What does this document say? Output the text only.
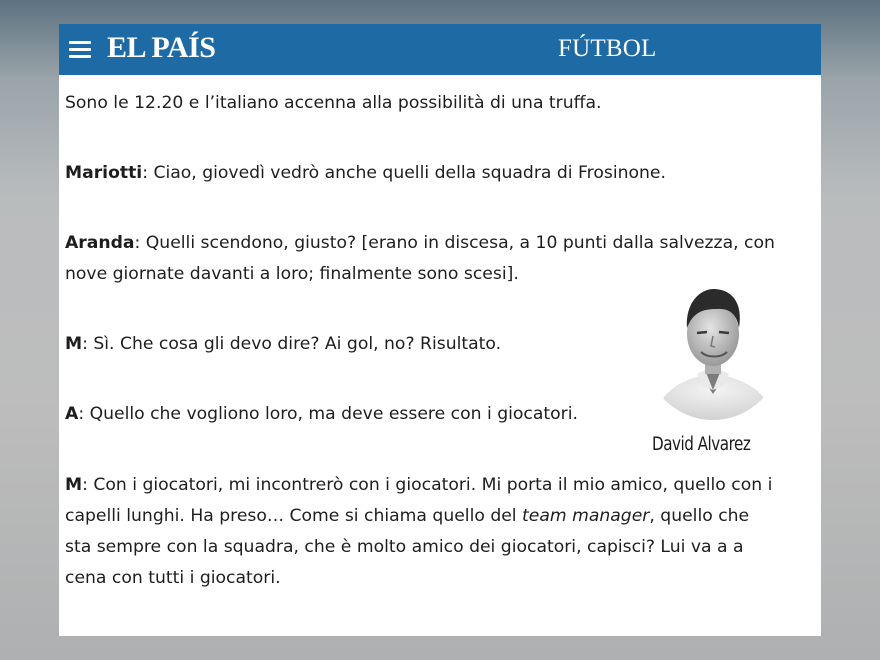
EL PAÍS	FÚTBOL

Sono le 12.20 e l’italiano accenna alla possibilità di una truffa.

Mariotti: Ciao, giovedì vedrò anche quelli della squadra di Frosinone.

Aranda: Quelli scendono, giusto? [erano in discesa, a 10 punti dalla salvezza, con
nove giornate davanti a loro; finalmente sono scesi].

M: Sì. Che cosa gli devo dire? Ai gol, no? Risultato.

A: Quello che vogliono loro, ma deve essere con i giocatori.

M: Con i giocatori, mi incontrerò con i giocatori. Mi porta il mio amico, quello con i
capelli lunghi. Ha preso… Come si chiama quello del team manager, quello che
sta sempre con la squadra, che è molto amico dei giocatori, capisci? Lui va a a
cena con tutti i giocatori.

David Alvarez
